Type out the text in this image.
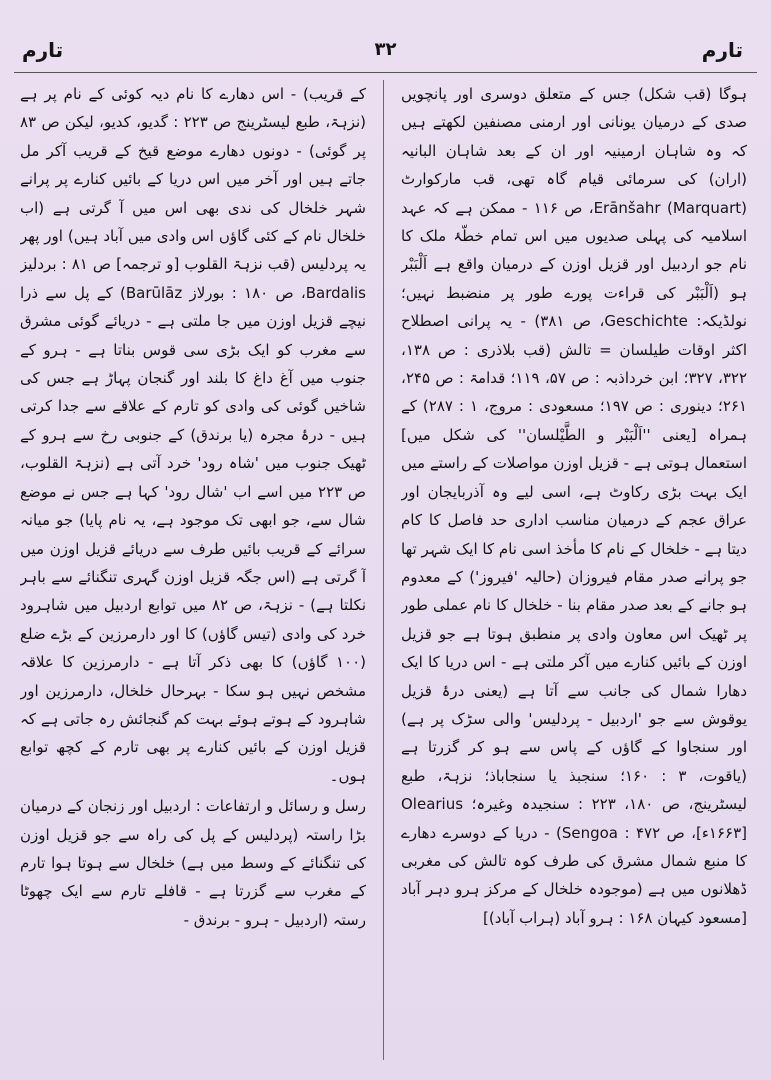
تارم
۳۲
تارم

ہوگا (قب شکل) جس کے متعلق دوسری اور پانچویں صدی کے درمیان یونانی اور ارمنی مصنفین لکھتے ہیں کہ وہ شاہان ارمینیہ اور ان کے بعد شاہان البانیہ (اران) کی سرمائی قیام گاہ تھی، قب مارکوارٹ (Marquart) Erānšahr، ص ۱۱۶ - ممکن ہے کہ عہد اسلامیہ کی پہلی صدیوں میں اس تمام خطّۂ ملک کا نام جو اردبیل اور قزیل اوزن کے درمیان واقع ہے اَلْبَبْر ہو (اَلْبَبْر کی قراءت پورے طور پر منضبط نہیں؛ نولڈیکہ: Geschichte، ص ۳۸۱) - یہ پرانی اصطلاح اکثر اوقات طیلسان = تالش (قب بلاذری : ص ۱۳۸، ۳۲۲، ۳۲۷؛ ابن خرداذبہ : ص ۵۷، ۱۱۹؛ قدامۃ : ص ۲۴۵، ۲۶۱؛ دینوری : ص ۱۹۷؛ مسعودی : مروج، ۱ : ۲۸۷) کے ہمراہ [یعنی ''اَلْبَبْر و الطَّیْلسان'' کی شکل میں] استعمال ہوتی ہے - قزیل اوزن مواصلات کے راستے میں ایک بہت بڑی رکاوٹ ہے، اسی لیے وہ آذربایجان اور عراق عجم کے درمیان مناسب اداری حد فاصل کا کام دیتا ہے - خلخال کے نام کا مأخذ اسی نام کا ایک شہر تھا جو پرانے صدر مقام فیروزان (حالیہ 'فیروز') کے معدوم ہو جانے کے بعد صدر مقام بنا - خلخال کا نام عملی طور پر ٹھیک اس معاون وادی پر منطبق ہوتا ہے جو قزیل اوزن کے بائیں کنارے میں آکر ملتی ہے - اس دریا کا ایک دھارا شمال کی جانب سے آتا ہے (یعنی درۂ قزیل یوقوش سے جو 'اردبیل - پردلیس' والی سڑک پر ہے) اور سنجاوا کے گاؤں کے پاس سے ہو کر گزرتا ہے (یاقوت، ۳ : ۱۶۰؛ سنجبذ یا سنجاباذ؛ نزہۃ، طبع لیسٹرینج، ص ۱۸۰، ۲۲۳ : سنجیدہ وغیرہ؛ Olearius [۱۶۶۳ء]، ص ۴۷۲ : Sengoa) - دریا کے دوسرے دھارے کا منبع شمال مشرق کی طرف کوہ تالش کی مغربی ڈھلانوں میں ہے (موجودہ خلخال کے مرکز ہرو دہر آباد [مسعود کیہان ۱۶۸ : ہرو آباد (ہراب آباد)]

کے قریب) - اس دھارے کا نام دیہ کوئی کے نام پر ہے (نزہۃ، طبع لیسٹرینج ص ۲۲۳ : گدیو، کدیو، لیکن ص ۸۳ پر گوئی) - دونوں دھارے موضع قیخ کے قریب آکر مل جاتے ہیں اور آخر میں اس دریا کے بائیں کنارے پر پرانے شہر خلخال کی ندی بھی اس میں آ گرتی ہے (اب خلخال نام کے کئی گاؤں اس وادی میں آباد ہیں) اور پھر یہ پردلیس (قب نزہۃ القلوب [و ترجمہ] ص ۸۱ : بردلیز Bardalis، ص ۱۸۰ : بورلاز Barūlāz) کے پل سے ذرا نیچے قزیل اوزن میں جا ملتی ہے - دریائے گوئی مشرق سے مغرب کو ایک بڑی سی قوس بناتا ہے - ہرو کے جنوب میں آغ داغ کا بلند اور گنجان پہاڑ ہے جس کی شاخیں گوئی کی وادی کو تارم کے علاقے سے جدا کرتی ہیں - درۂ مجرہ (یا برندق) کے جنوبی رخ سے ہرو کے ٹھیک جنوب میں 'شاہ رود' خرد آتی ہے (نزہۃ القلوب، ص ۲۲۳ میں اسے اب 'شال رود' کہا ہے جس نے موضع شال سے، جو ابھی تک موجود ہے، یہ نام پایا) جو میانہ سرائے کے قریب بائیں طرف سے دریائے قزیل اوزن میں آ گرتی ہے (اس جگہ قزیل اوزن گہری تنگنائے سے باہر نکلتا ہے) - نزہۃ، ص ۸۲ میں توابع اردبیل میں شاہرود خرد کی وادی (تیس گاؤں) کا اور دارمرزین کے بڑے ضلع (۱۰۰ گاؤں) کا بھی ذکر آتا ہے - دارمرزین کا علاقہ مشخص نہیں ہو سکا - بہرحال خلخال، دارمرزین اور شاہرود کے ہوتے ہوئے بہت کم گنجائش رہ جاتی ہے کہ قزیل اوزن کے بائیں کنارے پر بھی تارم کے کچھ توابع ہوں۔

رسل و رسائل و ارتفاعات : اردبیل اور زنجان کے درمیان بڑا راستہ (پردلیس کے پل کی راہ سے جو قزیل اوزن کی تنگنائے کے وسط میں ہے) خلخال سے ہوتا ہوا تارم کے مغرب سے گزرتا ہے - قافلے تارم سے ایک چھوٹا رستہ (اردبیل - ہرو - برندق -
